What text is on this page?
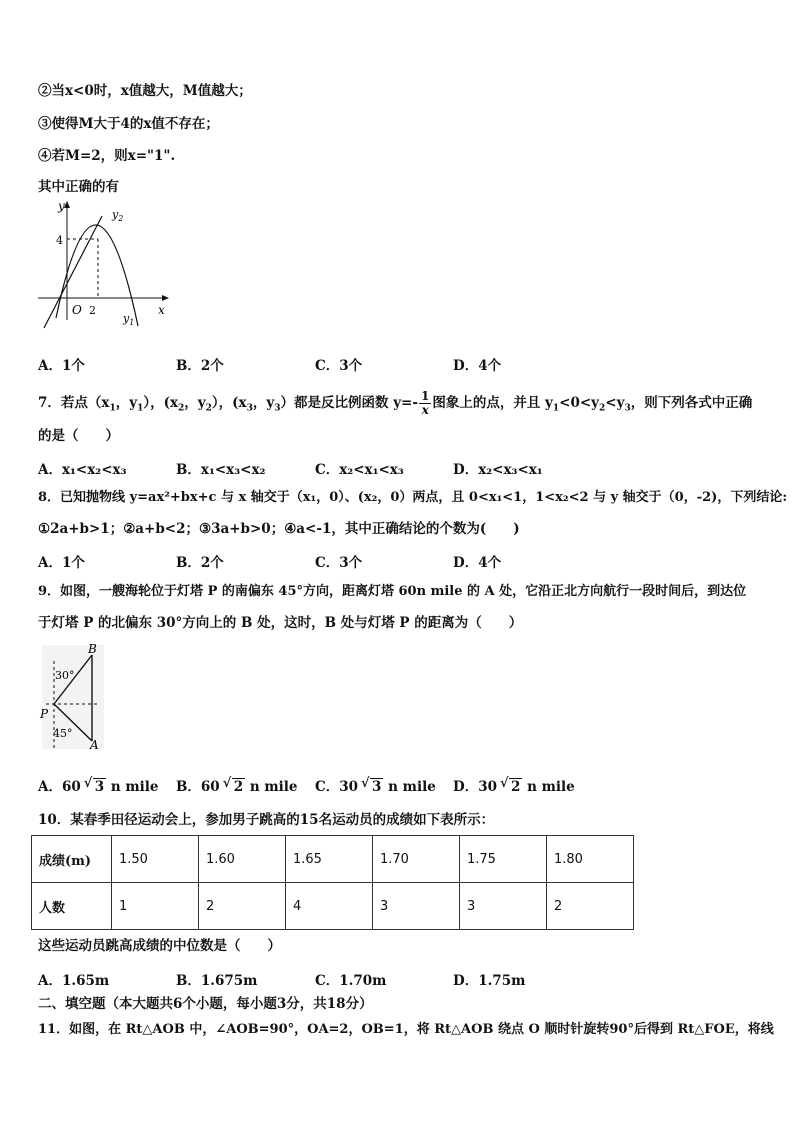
②当x<0时，x值越大，M值越大；
③使得M大于4的x值不存在；
④若M=2，则x="1".
其中正确的有
y
x
O 2
4
$y_2$
$y_1$
A．1个	B．2个	C．3个	D．4个
7．若点（$x_1$，$y_1$），($x_2$，$y_2$），($x_3$，$y_3$）都是反比例函数 $y=- \frac{1}{x}$ 图象上的点，并且 $y_1<0<y_2<y_3$，则下列各式中正确
的是（　　）
A．x₁<x₂<x₃	B．x₁<x₃<x₂	C．x₂<x₁<x₃	D．x₂<x₃<x₁
8．已知抛物线 y=ax²+bx+c 与 x 轴交于（x₁，0）、(x₂，0）两点，且 0<x₁<1，1<x₂<2 与 y 轴交于（0，-2)，下列结论:
①2a+b>1；②a+b<2；③3a+b>0；④a<-1，其中正确结论的个数为(　　)
A．1个	B．2个	C．3个	D．4个
9．如图，一艘海轮位于灯塔 P 的南偏东 45°方向，距离灯塔 60n mile 的 A 处，它沿正北方向航行一段时间后，到达位
于灯塔 P 的北偏东 30°方向上的 B 处，这时，B 处与灯塔 P 的距离为（　　）
B
A
P
30°
45°
A．60 √ 3 n mile B．60 √ 2 n mile C．30 √ 3 n mile D．30 √ 2 n mile
10．某春季田径运动会上，参加男子跳高的15名运动员的成绩如下表所示：
成绩(m)	1.50	1.60	1.65	1.70	1.75	1.80
人数	1	2	4	3	3	2
这些运动员跳高成绩的中位数是（　　）
A．1.65m	B．1.675m	C．1.70m	D．1.75m
二、填空题（本大题共6个小题，每小题3分，共18分）
11．如图，在 Rt△AOB 中，∠AOB=90°，OA=2，OB=1，将 Rt△AOB 绕点 O 顺时针旋转90°后得到 Rt△FOE，将线
